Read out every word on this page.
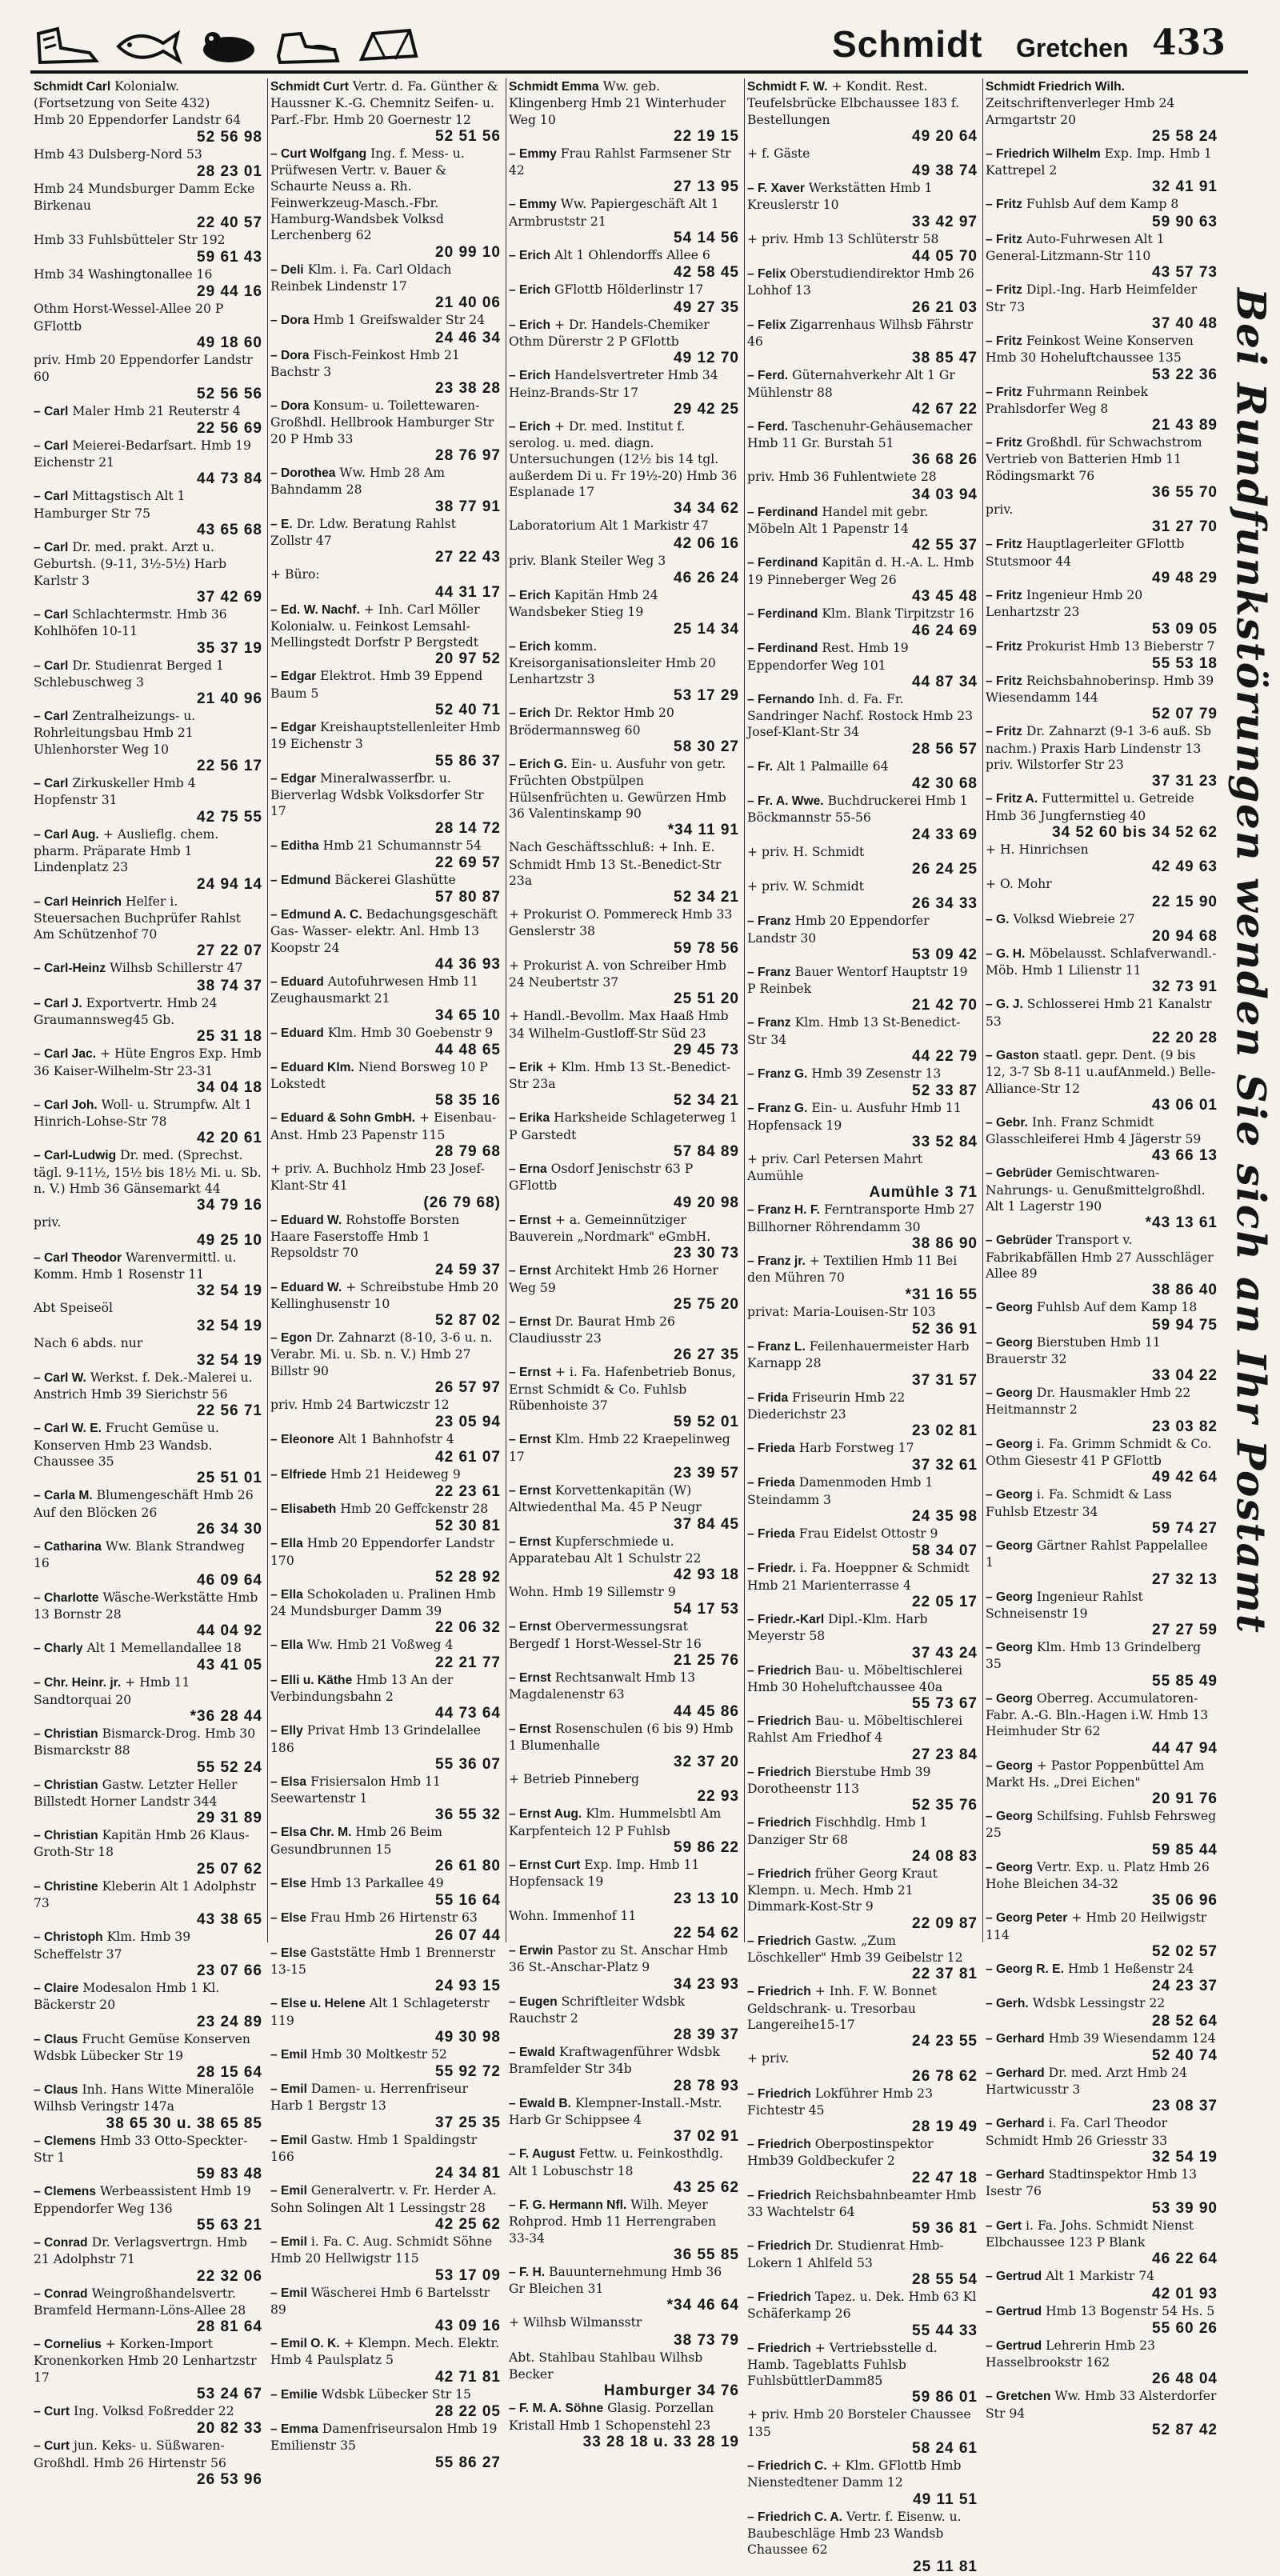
Schmidt Gretchen 433
Schmidt Carl Kolonialw. (Fortsetzung von Seite 432)
Hmb 20 Eppendorfer Landstr 64
52 56 98
Hmb 43 Dulsberg-Nord 53
28 23 01
Hmb 24 Mundsburger Damm Ecke Birkenau
22 40 57
Hmb 33 Fuhlsbütteler Str 192
59 61 43
Hmb 34 Washingtonallee 16
29 44 16
Othm Horst-Wessel-Allee 20 P GFlottb
49 18 60
priv. Hmb 20 Eppendorfer Landstr 60
52 56 56
– Carl Maler Hmb 21 Reuterstr 4
22 56 69
– Carl Meierei-Bedarfsart. Hmb 19 Eichenstr 21
44 73 84
– Carl Mittagstisch Alt 1 Hamburger Str 75
43 65 68
– Carl Dr. med. prakt. Arzt u. Geburtsh. (9-11, 3½-5½) Harb Karlstr 3
37 42 69
– Carl Schlachtermstr. Hmb 36 Kohlhöfen 10-11
35 37 19
– Carl Dr. Studienrat Berged 1 Schlebuschweg 3
21 40 96
– Carl Zentralheizungs- u. Rohrleitungsbau Hmb 21 Uhlenhorster Weg 10
22 56 17
– Carl Zirkuskeller Hmb 4 Hopfenstr 31
42 75 55
– Carl Aug. + Auslieflg. chem. pharm. Präparate Hmb 1 Lindenplatz 23
24 94 14
– Carl Heinrich Helfer i. Steuersachen Buchprüfer Rahlst Am Schützenhof 70
27 22 07
– Carl-Heinz Wilhsb Schillerstr 47
38 74 37
– Carl J. Exportvertr. Hmb 24 Graumannsweg45 Gb.
25 31 18
– Carl Jac. + Hüte Engros Exp. Hmb 36 Kaiser-Wilhelm-Str 23-31
34 04 18
– Carl Joh. Woll- u. Strumpfw. Alt 1 Hinrich-Lohse-Str 78
42 20 61
– Carl-Ludwig Dr. med. (Sprechst. tägl. 9-11½, 15½ bis 18½ Mi. u. Sb. n. V.) Hmb 36 Gänsemarkt 44
34 79 16
priv.
49 25 10
– Carl Theodor Warenvermittl. u. Komm. Hmb 1 Rosenstr 11
32 54 19
Abt Speiseöl
32 54 19
Nach 6 abds. nur
32 54 19
– Carl W. Werkst. f. Dek.-Malerei u. Anstrich Hmb 39 Sierichstr 56
22 56 71
– Carl W. E. Frucht Gemüse u. Konserven Hmb 23 Wandsb. Chaussee 35
25 51 01
– Carla M. Blumengeschäft Hmb 26 Auf den Blöcken 26
26 34 30
– Catharina Ww. Blank Strandweg 16
46 09 64
– Charlotte Wäsche-Werkstätte Hmb 13 Bornstr 28
44 04 92
– Charly Alt 1 Memellandallee 18
43 41 05
– Chr. Heinr. jr. + Hmb 11 Sandtorquai 20
*36 28 44
– Christian Bismarck-Drog. Hmb 30 Bismarckstr 88
55 52 24
– Christian Gastw. Letzter Heller Billstedt Horner Landstr 344
29 31 89
– Christian Kapitän Hmb 26 Klaus-Groth-Str 18
25 07 62
– Christine Kleberin Alt 1 Adolphstr 73
43 38 65
– Christoph Klm. Hmb 39 Scheffelstr 37
23 07 66
– Claire Modesalon Hmb 1 Kl. Bäckerstr 20
23 24 89
– Claus Frucht Gemüse Konserven Wdsbk Lübecker Str 19
28 15 64
– Claus Inh. Hans Witte Mineralöle Wilhsb Veringstr 147a
38 65 30 u. 38 65 85
– Clemens Hmb 33 Otto-Speckter-Str 1
59 83 48
– Clemens Werbeassistent Hmb 19 Eppendorfer Weg 136
55 63 21
– Conrad Dr. Verlagsvertrgn. Hmb 21 Adolphstr 71
22 32 06
– Conrad Weingroßhandelsvertr. Bramfeld Hermann-Löns-Allee 28
28 81 64
– Cornelius + Korken-Import Kronenkorken Hmb 20 Lenhartzstr 17
53 24 67
– Curt Ing. Volksd Foßredder 22
20 82 33
– Curt jun. Keks- u. Süßwaren-Großhdl. Hmb 26 Hirtenstr 56
26 53 96
Schmidt Curt Vertr. d. Fa. Günther & Haussner K.-G. Chemnitz Seifen- u. Parf.-Fbr. Hmb 20 Goernestr 12
52 51 56
– Curt Wolfgang Ing. f. Mess- u. Prüfwesen Vertr. v. Bauer & Schaurte Neuss a. Rh. Feinwerkzeug-Masch.-Fbr. Hamburg-Wandsbek Volksd Lerchenberg 62
20 99 10
– Deli Klm. i. Fa. Carl Oldach Reinbek Lindenstr 17
21 40 06
– Dora Hmb 1 Greifswalder Str 24
24 46 34
– Dora Fisch-Feinkost Hmb 21 Bachstr 3
23 38 28
– Dora Konsum- u. Toilettewaren-Großhdl. Hellbrook Hamburger Str 20 P Hmb 33
28 76 97
– Dorothea Ww. Hmb 28 Am Bahndamm 28
38 77 91
– E. Dr. Ldw. Beratung Rahlst Zollstr 47
27 22 43
+ Büro:
44 31 17
– Ed. W. Nachf. + Inh. Carl Möller Kolonialw. u. Feinkost Lemsahl-Mellingstedt Dorfstr P Bergstedt
20 97 52
– Edgar Elektrot. Hmb 39 Eppend Baum 5
52 40 71
– Edgar Kreishauptstellenleiter Hmb 19 Eichenstr 3
55 86 37
– Edgar Mineralwasserfbr. u. Bierverlag Wdsbk Volksdorfer Str 17
28 14 72
– Editha Hmb 21 Schumannstr 54
22 69 57
– Edmund Bäckerei Glashütte
57 80 87
– Edmund A. C. Bedachungsgeschäft Gas- Wasser- elektr. Anl. Hmb 13 Koopstr 24
44 36 93
– Eduard Autofuhrwesen Hmb 11 Zeughausmarkt 21
34 65 10
– Eduard Klm. Hmb 30 Goebenstr 9
44 48 65
– Eduard Klm. Niend Borsweg 10 P Lokstedt
58 35 16
– Eduard & Sohn GmbH. + Eisenbau-Anst. Hmb 23 Papenstr 115
28 79 68
+ priv. A. Buchholz Hmb 23 Josef-Klant-Str 41
(26 79 68)
– Eduard W. Rohstoffe Borsten Haare Faserstoffe Hmb 1 Repsoldstr 70
24 59 37
– Eduard W. + Schreibstube Hmb 20 Kellinghusenstr 10
52 87 02
– Egon Dr. Zahnarzt (8-10, 3-6 u. n. Verabr. Mi. u. Sb. n. V.) Hmb 27 Billstr 90
26 57 97
priv. Hmb 24 Bartwiczstr 12
23 05 94
– Eleonore Alt 1 Bahnhofstr 4
42 61 07
– Elfriede Hmb 21 Heideweg 9
22 23 61
– Elisabeth Hmb 20 Geffckenstr 28
52 30 81
– Ella Hmb 20 Eppendorfer Landstr 170
52 28 92
– Ella Schokoladen u. Pralinen Hmb 24 Mundsburger Damm 39
22 06 32
– Ella Ww. Hmb 21 Voßweg 4
22 21 77
– Elli u. Käthe Hmb 13 An der Verbindungsbahn 2
44 73 64
– Elly Privat Hmb 13 Grindelallee 186
55 36 07
– Elsa Frisiersalon Hmb 11 Seewartenstr 1
36 55 32
– Elsa Chr. M. Hmb 26 Beim Gesundbrunnen 15
26 61 80
– Else Hmb 13 Parkallee 49
55 16 64
– Else Frau Hmb 26 Hirtenstr 63
26 07 44
– Else Gaststätte Hmb 1 Brennerstr 13-15
24 93 15
– Else u. Helene Alt 1 Schlageterstr 119
49 30 98
– Emil Hmb 30 Moltkestr 52
55 92 72
– Emil Damen- u. Herrenfriseur Harb 1 Bergstr 13
37 25 35
– Emil Gastw. Hmb 1 Spaldingstr 166
24 34 81
– Emil Generalvertr. v. Fr. Herder A. Sohn Solingen Alt 1 Lessingstr 28
42 25 62
– Emil i. Fa. C. Aug. Schmidt Söhne Hmb 20 Hellwigstr 115
53 17 09
– Emil Wäscherei Hmb 6 Bartelsstr 89
43 09 16
– Emil O. K. + Klempn. Mech. Elektr. Hmb 4 Paulsplatz 5
42 71 81
– Emilie Wdsbk Lübecker Str 15
28 22 05
– Emma Damenfriseursalon Hmb 19 Emilienstr 35
55 86 27
Schmidt Emma Ww. geb. Klingenberg Hmb 21 Winterhuder Weg 10
22 19 15
– Emmy Frau Rahlst Farmsener Str 42
27 13 95
– Emmy Ww. Papiergeschäft Alt 1 Armbruststr 21
54 14 56
– Erich Alt 1 Ohlendorffs Allee 6
42 58 45
– Erich GFlottb Hölderlinstr 17
49 27 35
– Erich + Dr. Handels-Chemiker Othm Dürerstr 2 P GFlottb
49 12 70
– Erich Handelsvertreter Hmb 34 Heinz-Brands-Str 17
29 42 25
– Erich + Dr. med. Institut f. serolog. u. med. diagn. Untersuchungen (12½ bis 14 tgl. außerdem Di u. Fr 19½-20) Hmb 36 Esplanade 17
34 34 62
Laboratorium Alt 1 Markistr 47
42 06 16
priv. Blank Steiler Weg 3
46 26 24
– Erich Kapitän Hmb 24 Wandsbeker Stieg 19
25 14 34
– Erich komm. Kreisorganisationsleiter Hmb 20 Lenhartzstr 3
53 17 29
– Erich Dr. Rektor Hmb 20 Brödermannsweg 60
58 30 27
– Erich G. Ein- u. Ausfuhr von getr. Früchten Obstpülpen Hülsenfrüchten u. Gewürzen Hmb 36 Valentinskamp 90
*34 11 91
Nach Geschäftsschluß: + Inh. E. Schmidt Hmb 13 St.-Benedict-Str 23a
52 34 21
+ Prokurist O. Pommereck Hmb 33 Genslerstr 38
59 78 56
+ Prokurist A. von Schreiber Hmb 24 Neubertstr 37
25 51 20
+ Handl.-Bevollm. Max Haaß Hmb 34 Wilhelm-Gustloff-Str Süd 23
29 45 73
– Erik + Klm. Hmb 13 St.-Benedict-Str 23a
52 34 21
– Erika Harksheide Schlageterweg 1 P Garstedt
57 84 89
– Erna Osdorf Jenischstr 63 P GFlottb
49 20 98
– Ernst + a. Gemeinnütziger Bauverein „Nordmark" eGmbH.
23 30 73
– Ernst Architekt Hmb 26 Horner Weg 59
25 75 20
– Ernst Dr. Baurat Hmb 26 Claudiusstr 23
26 27 35
– Ernst + i. Fa. Hafenbetrieb Bonus, Ernst Schmidt & Co. Fuhlsb Rübenhoiste 37
59 52 01
– Ernst Klm. Hmb 22 Kraepelinweg 17
23 39 57
– Ernst Korvettenkapitän (W) Altwiedenthal Ma. 45 P Neugr
37 84 45
– Ernst Kupferschmiede u. Apparatebau Alt 1 Schulstr 22
42 93 18
Wohn. Hmb 19 Sillemstr 9
54 17 53
– Ernst Obervermessungsrat Bergedf 1 Horst-Wessel-Str 16
21 25 76
– Ernst Rechtsanwalt Hmb 13 Magdalenenstr 63
44 45 86
– Ernst Rosenschulen (6 bis 9) Hmb 1 Blumenhalle
32 37 20
+ Betrieb Pinneberg
22 93
– Ernst Aug. Klm. Hummelsbtl Am Karpfenteich 12 P Fuhlsb
59 86 22
– Ernst Curt Exp. Imp. Hmb 11 Hopfensack 19
23 13 10
Wohn. Immenhof 11
22 54 62
– Erwin Pastor zu St. Anschar Hmb 36 St.-Anschar-Platz 9
34 23 93
– Eugen Schriftleiter Wdsbk Rauchstr 2
28 39 37
– Ewald Kraftwagenführer Wdsbk Bramfelder Str 34b
28 78 93
– Ewald B. Klempner-Install.-Mstr. Harb Gr Schippsee 4
37 02 91
– F. August Fettw. u. Feinkosthdlg. Alt 1 Lobuschstr 18
43 25 62
– F. G. Hermann Nfl. Wilh. Meyer Rohprod. Hmb 11 Herrengraben 33-34
36 55 85
– F. H. Bauunternehmung Hmb 36 Gr Bleichen 31
*34 46 64
+ Wilhsb Wilmansstr
38 73 79
Abt. Stahlbau Stahlbau Wilhsb Becker
Hamburger 34 76
– F. M. A. Söhne Glasig. Porzellan Kristall Hmb 1 Schopenstehl 23
33 28 18 u. 33 28 19
Schmidt F. W. + Kondit. Rest. Teufelsbrücke Elbchaussee 183 f. Bestellungen
49 20 64
+ f. Gäste
49 38 74
– F. Xaver Werkstätten Hmb 1 Kreuslerstr 10
33 42 97
+ priv. Hmb 13 Schlüterstr 58
44 05 70
– Felix Oberstudiendirektor Hmb 26 Lohhof 13
26 21 03
– Felix Zigarrenhaus Wilhsb Fährstr 46
38 85 47
– Ferd. Güternahverkehr Alt 1 Gr Mühlenstr 88
42 67 22
– Ferd. Taschenuhr-Gehäusemacher Hmb 11 Gr. Burstah 51
36 68 26
priv. Hmb 36 Fuhlentwiete 28
34 03 94
– Ferdinand Handel mit gebr. Möbeln Alt 1 Papenstr 14
42 55 37
– Ferdinand Kapitän d. H.-A. L. Hmb 19 Pinneberger Weg 26
43 45 48
– Ferdinand Klm. Blank Tirpitzstr 16
46 24 69
– Ferdinand Rest. Hmb 19 Eppendorfer Weg 101
44 87 34
– Fernando Inh. d. Fa. Fr. Sandringer Nachf. Rostock Hmb 23 Josef-Klant-Str 34
28 56 57
– Fr. Alt 1 Palmaille 64
42 30 68
– Fr. A. Wwe. Buchdruckerei Hmb 1 Böckmannstr 55-56
24 33 69
+ priv. H. Schmidt
26 24 25
+ priv. W. Schmidt
26 34 33
– Franz Hmb 20 Eppendorfer Landstr 30
53 09 42
– Franz Bauer Wentorf Hauptstr 19 P Reinbek
21 42 70
– Franz Klm. Hmb 13 St-Benedict-Str 34
44 22 79
– Franz G. Hmb 39 Zesenstr 13
52 33 87
– Franz G. Ein- u. Ausfuhr Hmb 11 Hopfensack 19
33 52 84
+ priv. Carl Petersen Mahrt Aumühle
Aumühle 3 71
– Franz H. F. Ferntransporte Hmb 27 Billhorner Röhrendamm 30
38 86 90
– Franz jr. + Textilien Hmb 11 Bei den Mühren 70
*31 16 55
privat: Maria-Louisen-Str 103
52 36 91
– Franz L. Feilenhauermeister Harb Karnapp 28
37 31 57
– Frida Friseurin Hmb 22 Diederichstr 23
23 02 81
– Frieda Harb Forstweg 17
37 32 61
– Frieda Damenmoden Hmb 1 Steindamm 3
24 35 98
– Frieda Frau Eidelst Ottostr 9
58 34 07
– Friedr. i. Fa. Hoeppner & Schmidt Hmb 21 Marienterrasse 4
22 05 17
– Friedr.-Karl Dipl.-Klm. Harb Meyerstr 58
37 43 24
– Friedrich Bau- u. Möbeltischlerei Hmb 30 Hoheluftchaussee 40a
55 73 67
– Friedrich Bau- u. Möbeltischlerei Rahlst Am Friedhof 4
27 23 84
– Friedrich Bierstube Hmb 39 Dorotheenstr 113
52 35 76
– Friedrich Fischhdlg. Hmb 1 Danziger Str 68
24 08 83
– Friedrich früher Georg Kraut Klempn. u. Mech. Hmb 21 Dimmark-Kost-Str 9
22 09 87
– Friedrich Gastw. „Zum Löschkeller" Hmb 39 Geibelstr 12
22 37 81
– Friedrich + Inh. F. W. Bonnet Geldschrank- u. Tresorbau Langereihe15-17
24 23 55
+ priv.
26 78 62
– Friedrich Lokführer Hmb 23 Fichtestr 45
28 19 49
– Friedrich Oberpostinspektor Hmb39 Goldbeckufer 2
22 47 18
– Friedrich Reichsbahnbeamter Hmb 33 Wachtelstr 64
59 36 81
– Friedrich Dr. Studienrat Hmb-Lokern 1 Ahlfeld 53
28 55 54
– Friedrich Tapez. u. Dek. Hmb 63 Kl Schäferkamp 26
55 44 33
– Friedrich + Vertriebsstelle d. Hamb. Tageblatts Fuhlsb FuhlsbüttlerDamm85
59 86 01
+ priv. Hmb 20 Borsteler Chaussee 135
58 24 61
– Friedrich C. + Klm. GFlottb Hmb Nienstedtener Damm 12
49 11 51
– Friedrich C. A. Vertr. f. Eisenw. u. Baubeschläge Hmb 23 Wandsb Chaussee 62
25 11 81
Schmidt Friedrich Wilh. Zeitschriftenverleger Hmb 24 Armgartstr 20
25 58 24
– Friedrich Wilhelm Exp. Imp. Hmb 1 Kattrepel 2
32 41 91
– Fritz Fuhlsb Auf dem Kamp 8
59 90 63
– Fritz Auto-Fuhrwesen Alt 1 General-Litzmann-Str 110
43 57 73
– Fritz Dipl.-Ing. Harb Heimfelder Str 73
37 40 48
– Fritz Feinkost Weine Konserven Hmb 30 Hoheluftchaussee 135
53 22 36
– Fritz Fuhrmann Reinbek Prahlsdorfer Weg 8
21 43 89
– Fritz Großhdl. für Schwachstrom Vertrieb von Batterien Hmb 11 Rödingsmarkt 76
36 55 70
priv.
31 27 70
– Fritz Hauptlagerleiter GFlottb Stutsmoor 44
49 48 29
– Fritz Ingenieur Hmb 20 Lenhartzstr 23
53 09 05
– Fritz Prokurist Hmb 13 Bieberstr 7
55 53 18
– Fritz Reichsbahnoberinsp. Hmb 39 Wiesendamm 144
52 07 79
– Fritz Dr. Zahnarzt (9-1 3-6 auß. Sb nachm.) Praxis Harb Lindenstr 13 priv. Wilstorfer Str 23
37 31 23
– Fritz A. Futtermittel u. Getreide Hmb 36 Jungfernstieg 40
34 52 60 bis 34 52 62
+ H. Hinrichsen
42 49 63
+ O. Mohr
22 15 90
– G. Volksd Wiebreie 27
20 94 68
– G. H. Möbelausst. Schlafverwandl.-Möb. Hmb 1 Lilienstr 11
32 73 91
– G. J. Schlosserei Hmb 21 Kanalstr 53
22 20 28
– Gaston staatl. gepr. Dent. (9 bis 12, 3-7 Sb 8-11 u.aufAnmeld.) Belle-Alliance-Str 12
43 06 01
– Gebr. Inh. Franz Schmidt Glasschleiferei Hmb 4 Jägerstr 59
43 66 13
– Gebrüder Gemischtwaren-Nahrungs- u. Genußmittelgroßhdl. Alt 1 Lagerstr 190
*43 13 61
– Gebrüder Transport v. Fabrikabfällen Hmb 27 Ausschläger Allee 89
38 86 40
– Georg Fuhlsb Auf dem Kamp 18
59 94 75
– Georg Bierstuben Hmb 11 Brauerstr 32
33 04 22
– Georg Dr. Hausmakler Hmb 22 Heitmannstr 2
23 03 82
– Georg i. Fa. Grimm Schmidt & Co. Othm Giesestr 41 P GFlottb
49 42 64
– Georg i. Fa. Schmidt & Lass Fuhlsb Etzestr 34
59 74 27
– Georg Gärtner Rahlst Pappelallee 1
27 32 13
– Georg Ingenieur Rahlst Schneisenstr 19
27 27 59
– Georg Klm. Hmb 13 Grindelberg 35
55 85 49
– Georg Oberreg. Accumulatoren-Fabr. A.-G. Bln.-Hagen i.W. Hmb 13 Heimhuder Str 62
44 47 94
– Georg + Pastor Poppenbüttel Am Markt Hs. „Drei Eichen"
20 91 76
– Georg Schilfsing. Fuhlsb Fehrsweg 25
59 85 44
– Georg Vertr. Exp. u. Platz Hmb 26 Hohe Bleichen 34-32
35 06 96
– Georg Peter + Hmb 20 Heilwigstr 114
52 02 57
– Georg R. E. Hmb 1 Heßenstr 24
24 23 37
– Gerh. Wdsbk Lessingstr 22
28 52 64
– Gerhard Hmb 39 Wiesendamm 124
52 40 74
– Gerhard Dr. med. Arzt Hmb 24 Hartwicusstr 3
23 08 37
– Gerhard i. Fa. Carl Theodor Schmidt Hmb 26 Griesstr 33
32 54 19
– Gerhard Stadtinspektor Hmb 13 Isestr 76
53 39 90
– Gert i. Fa. Johs. Schmidt Nienst Elbchaussee 123 P Blank
46 22 64
– Gertrud Alt 1 Markistr 74
42 01 93
– Gertrud Hmb 13 Bogenstr 54 Hs. 5
55 60 26
– Gertrud Lehrerin Hmb 23 Hasselbrookstr 162
26 48 04
– Gretchen Ww. Hmb 33 Alsterdorfer Str 94
52 87 42
Bei Rundfunkstörungen wenden Sie sich an Ihr Postamt
